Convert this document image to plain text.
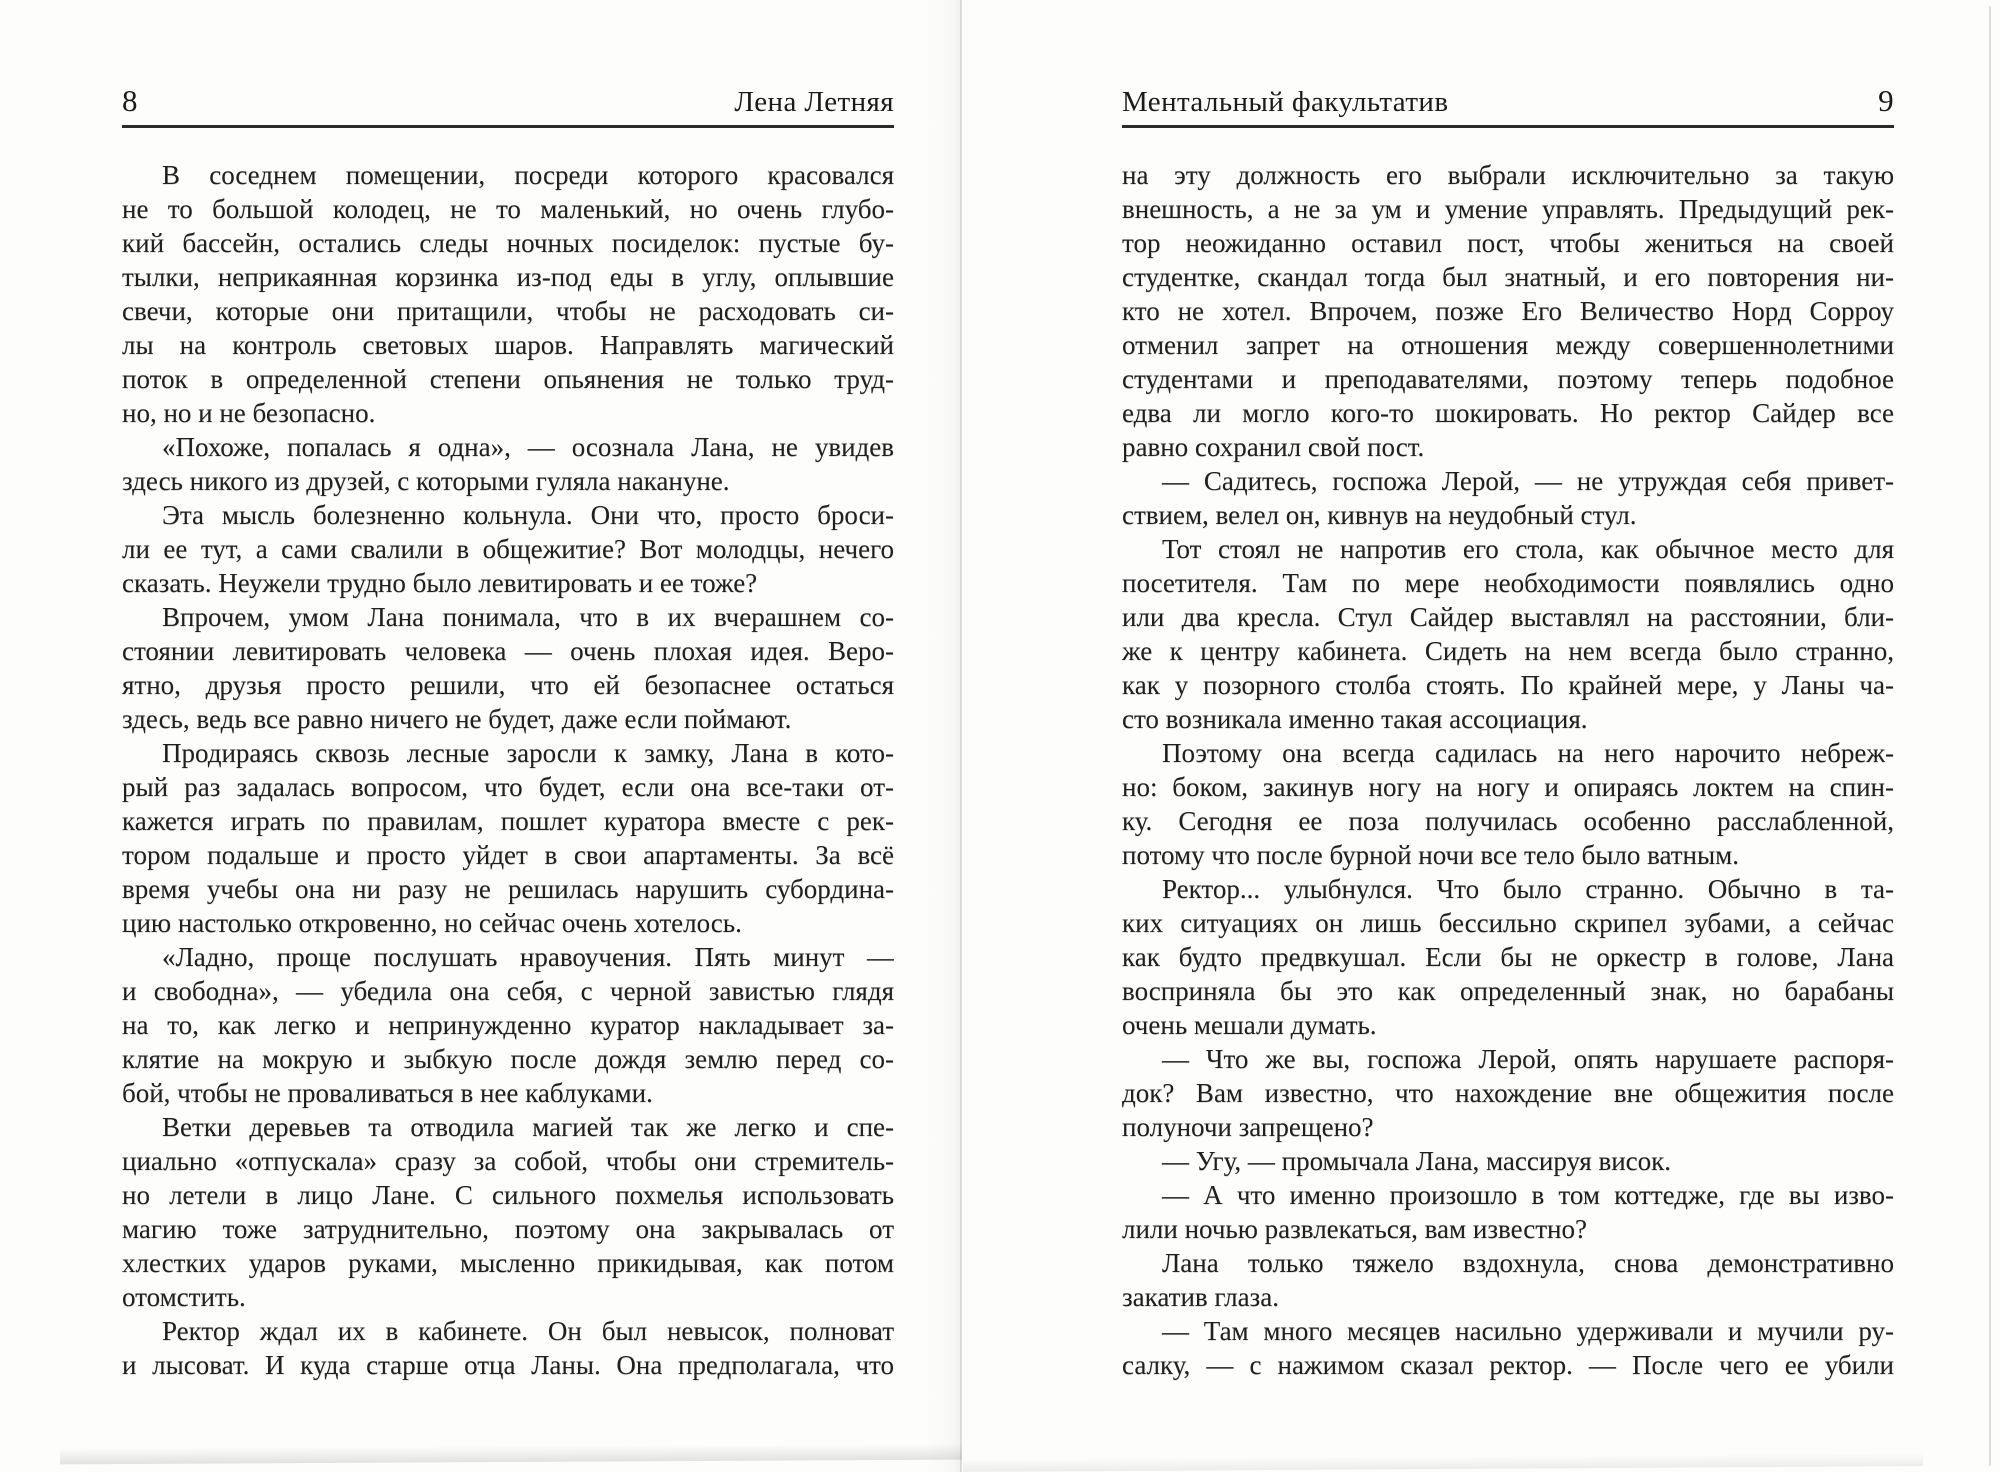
8	Лена Летняя
В соседнем помещении, посреди которого красовался
не то большой колодец, не то маленький, но очень глубо-
кий бассейн, остались следы ночных посиделок: пустые бу-
тылки, неприкаянная корзинка из-под еды в углу, оплывшие
свечи, которые они притащили, чтобы не расходовать си-
лы на контроль световых шаров. Направлять магический
поток в определенной степени опьянения не только труд-
но, но и не безопасно.
«Похоже, попалась я одна», — осознала Лана, не увидев
здесь никого из друзей, с которыми гуляла накануне.
Эта мысль болезненно кольнула. Они что, просто броси-
ли ее тут, а сами свалили в общежитие? Вот молодцы, нечего
сказать. Неужели трудно было левитировать и ее тоже?
Впрочем, умом Лана понимала, что в их вчерашнем со-
стоянии левитировать человека — очень плохая идея. Веро-
ятно, друзья просто решили, что ей безопаснее остаться
здесь, ведь все равно ничего не будет, даже если поймают.
Продираясь сквозь лесные заросли к замку, Лана в кото-
рый раз задалась вопросом, что будет, если она все-таки от-
кажется играть по правилам, пошлет куратора вместе с рек-
тором подальше и просто уйдет в свои апартаменты. За всё
время учебы она ни разу не решилась нарушить субордина-
цию настолько откровенно, но сейчас очень хотелось.
«Ладно, проще послушать нравоучения. Пять минут —
и свободна», — убедила она себя, с черной завистью глядя
на то, как легко и непринужденно куратор накладывает за-
клятие на мокрую и зыбкую после дождя землю перед со-
бой, чтобы не проваливаться в нее каблуками.
Ветки деревьев та отводила магией так же легко и спе-
циально «отпускала» сразу за собой, чтобы они стремитель-
но летели в лицо Лане. С сильного похмелья использовать
магию тоже затруднительно, поэтому она закрывалась от
хлестких ударов руками, мысленно прикидывая, как потом
отомстить.
Ректор ждал их в кабинете. Он был невысок, полноват
и лысоват. И куда старше отца Ланы. Она предполагала, что
Ментальный факультатив	9
на эту должность его выбрали исключительно за такую
внешность, а не за ум и умение управлять. Предыдущий рек-
тор неожиданно оставил пост, чтобы жениться на своей
студентке, скандал тогда был знатный, и его повторения ни-
кто не хотел. Впрочем, позже Его Величество Норд Сорроу
отменил запрет на отношения между совершеннолетними
студентами и преподавателями, поэтому теперь подобное
едва ли могло кого-то шокировать. Но ректор Сайдер все
равно сохранил свой пост.
— Садитесь, госпожа Лерой, — не утруждая себя привет-
ствием, велел он, кивнув на неудобный стул.
Тот стоял не напротив его стола, как обычное место для
посетителя. Там по мере необходимости появлялись одно
или два кресла. Стул Сайдер выставлял на расстоянии, бли-
же к центру кабинета. Сидеть на нем всегда было странно,
как у позорного столба стоять. По крайней мере, у Ланы ча-
сто возникала именно такая ассоциация.
Поэтому она всегда садилась на него нарочито небреж-
но: боком, закинув ногу на ногу и опираясь локтем на спин-
ку. Сегодня ее поза получилась особенно расслабленной,
потому что после бурной ночи все тело было ватным.
Ректор... улыбнулся. Что было странно. Обычно в та-
ких ситуациях он лишь бессильно скрипел зубами, а сейчас
как будто предвкушал. Если бы не оркестр в голове, Лана
восприняла бы это как определенный знак, но барабаны
очень мешали думать.
— Что же вы, госпожа Лерой, опять нарушаете распоря-
док? Вам известно, что нахождение вне общежития после
полуночи запрещено?
— Угу, — промычала Лана, массируя висок.
— А что именно произошло в том коттедже, где вы изво-
лили ночью развлекаться, вам известно?
Лана только тяжело вздохнула, снова демонстративно
закатив глаза.
— Там много месяцев насильно удерживали и мучили ру-
салку, — с нажимом сказал ректор. — После чего ее убили
